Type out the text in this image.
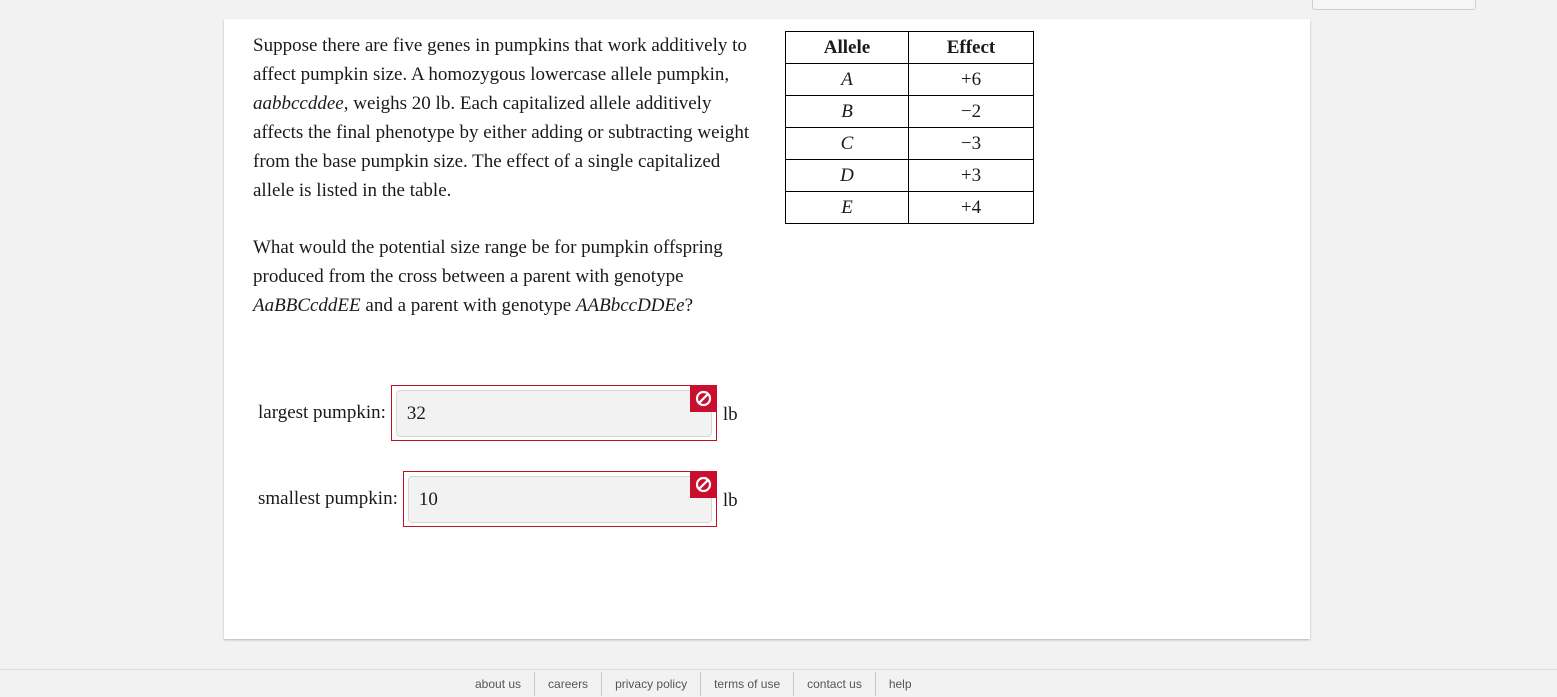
Suppose there are five genes in pumpkins that work additively to affect pumpkin size. A homozygous lowercase allele pumpkin, aabbccddee, weighs 20 lb. Each capitalized allele additively affects the final phenotype by either adding or subtracting weight from the base pumpkin size. The effect of a single capitalized allele is listed in the table.

What would the potential size range be for pumpkin offspring produced from the cross between a parent with genotype AaBBCcddEE and a parent with genotype AABbccDDEe?

Allele	Effect
A	+6
B	−2
C	−3
D	+3
E	+4
largest pumpkin:
32	lb
smallest pumpkin:
10	lb
about us	careers	privacy policy	terms of use	contact us	help
